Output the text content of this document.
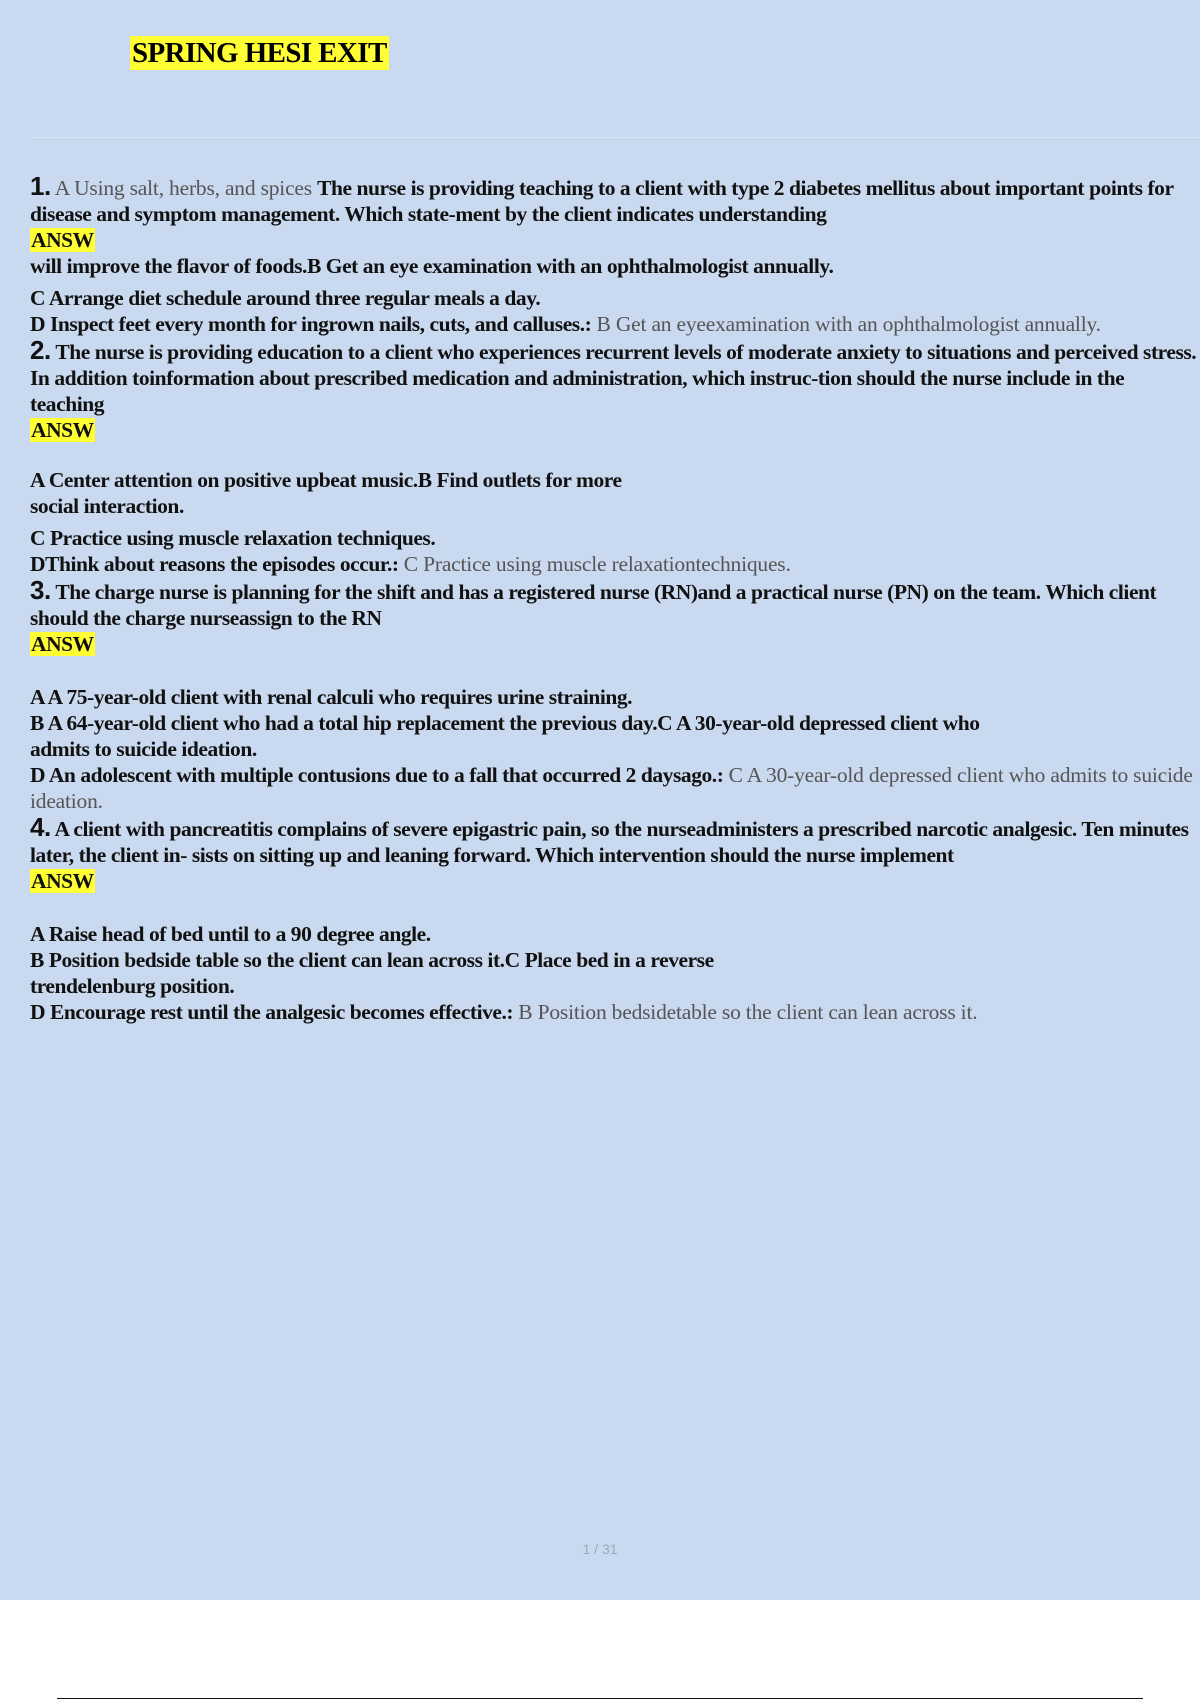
SPRING HESI EXIT
1. A Using salt, herbs, and spices The nurse is providing teaching to a client with type 2 diabetes mellitus about important points for disease and symptom management. Which state-ment by the client indicates understanding
ANSW
will improve the flavor of foods.B Get an eye examination with an ophthalmologist annually.
C Arrange diet schedule around three regular meals a day.
D Inspect feet every month for ingrown nails, cuts, and calluses.: B Get an eyeexamination with an ophthalmologist annually.
2. The nurse is providing education to a client who experiences recurrent levels of moderate anxiety to situations and perceived stress. In addition toinformation about prescribed medication and administration, which instruc-tion should the nurse include in the teaching
ANSW
A Center attention on positive upbeat music.B Find outlets for more
social interaction.
C Practice using muscle relaxation techniques.
DThink about reasons the episodes occur.: C Practice using muscle relaxationtechniques.
3. The charge nurse is planning for the shift and has a registered nurse (RN)and a practical nurse (PN) on the team. Which client should the charge nurseassign to the RN
ANSW
A A 75-year-old client with renal calculi who requires urine straining.
B A 64-year-old client who had a total hip replacement the previous day.C A 30-year-old depressed client who
admits to suicide ideation.
D An adolescent with multiple contusions due to a fall that occurred 2 daysago.: C A 30-year-old depressed client who admits to suicide ideation.
4. A client with pancreatitis complains of severe epigastric pain, so the nurseadministers a prescribed narcotic analgesic. Ten minutes later, the client in- sists on sitting up and leaning forward. Which intervention should the nurse implement
ANSW
A Raise head of bed until to a 90 degree angle.
B Position bedside table so the client can lean across it.C Place bed in a reverse
trendelenburg position.
D Encourage rest until the analgesic becomes effective.: B Position bedsidetable so the client can lean across it.
1 / 31
